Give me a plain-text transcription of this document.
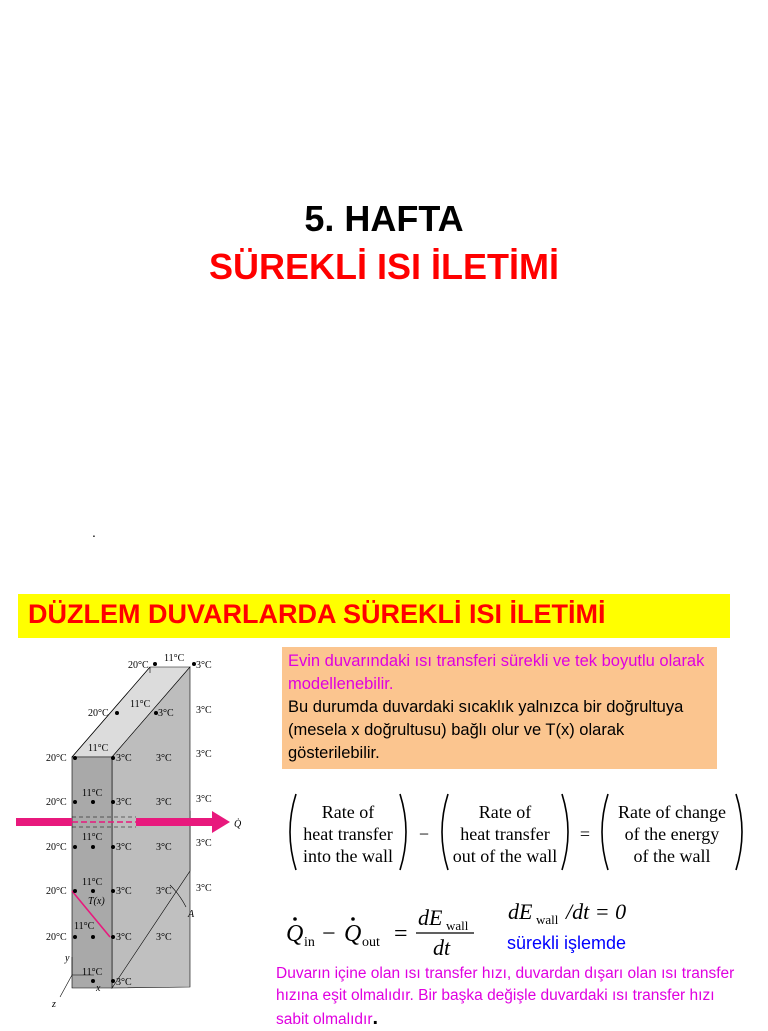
5. HAFTA
SÜREKLİ ISI İLETİMİ
.
DÜZLEM DUVARLARDA SÜREKLİ ISI İLETİMİ
20°C
11°C
3°C
20°C
11°C
3°C 3°C
20°C
11°C
3°C 3°C 3°C
20°C
11°C
3°C 3°C 3°C
20°C
11°C
3°C 3°C 3°C
20°C
11°C
3°C 3°C 3°C
20°C
11°C
3°C 3°C
11°C
3°C
T(x)
Q̇
A
y
x
z
Evin duvarındaki ısı transferi sürekli ve tek boyutlu olarak modellenebilir.
Bu durumda duvardaki sıcaklık yalnızca bir doğrultuya (mesela x doğrultusu) bağlı olur ve T(x) olarak gösterilebilir.
Rate of
heat transfer
into the wall
−
Rate of
heat transfer
out of the wall
=
Rate of change
of the energy
of the wall
Q in − Q out =
dE wall
dt
dE wall /dt = 0
sürekli işlemde
Duvarın içine olan ısı transfer hızı, duvardan dışarı olan ısı transfer hızına eşit olmalıdır. Bir başka değişle duvardaki ısı transfer hızı sabit olmalıdır.
